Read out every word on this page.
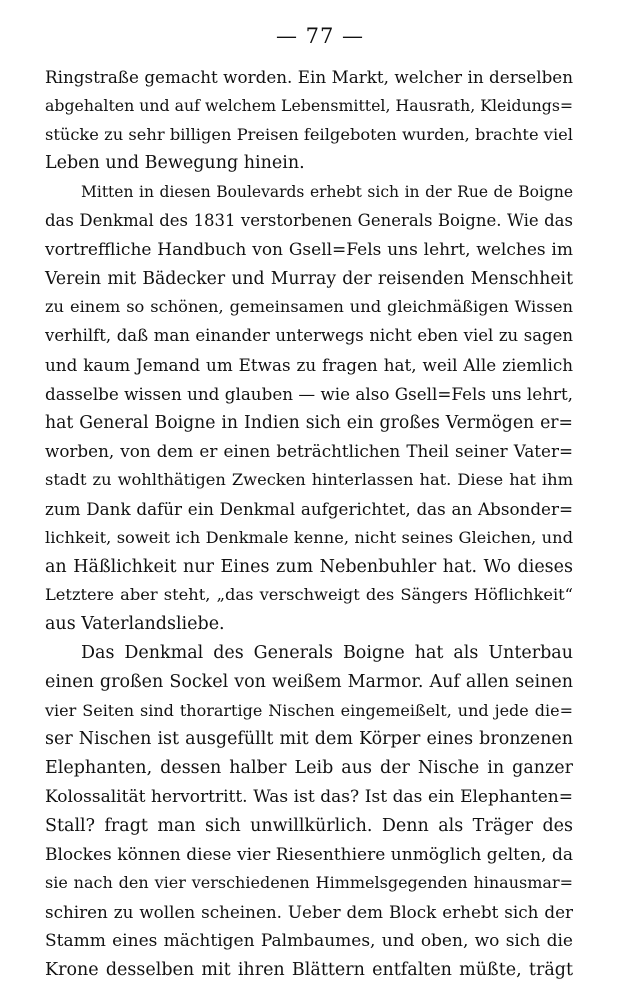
— 77 —
Ringstraße gemacht worden. Ein Markt, welcher in derselben
abgehalten und auf welchem Lebensmittel, Hausrath, Kleidungs=
stücke zu sehr billigen Preisen feilgeboten wurden, brachte viel
Leben und Bewegung hinein.
Mitten in diesen Boulevards erhebt sich in der Rue de Boigne
das Denkmal des 1831 verstorbenen Generals Boigne. Wie das
vortreffliche Handbuch von Gsell=Fels uns lehrt, welches im
Verein mit Bädecker und Murray der reisenden Menschheit
zu einem so schönen, gemeinsamen und gleichmäßigen Wissen
verhilft, daß man einander unterwegs nicht eben viel zu sagen
und kaum Jemand um Etwas zu fragen hat, weil Alle ziemlich
dasselbe wissen und glauben — wie also Gsell=Fels uns lehrt,
hat General Boigne in Indien sich ein großes Vermögen er=
worben, von dem er einen beträchtlichen Theil seiner Vater=
stadt zu wohlthätigen Zwecken hinterlassen hat. Diese hat ihm
zum Dank dafür ein Denkmal aufgerichtet, das an Absonder=
lichkeit, soweit ich Denkmale kenne, nicht seines Gleichen, und
an Häßlichkeit nur Eines zum Nebenbuhler hat. Wo dieses
Letztere aber steht, „das verschweigt des Sängers Höflichkeit“
aus Vaterlandsliebe.
Das Denkmal des Generals Boigne hat als Unterbau
einen großen Sockel von weißem Marmor. Auf allen seinen
vier Seiten sind thorartige Nischen eingemeißelt, und jede die=
ser Nischen ist ausgefüllt mit dem Körper eines bronzenen
Elephanten, dessen halber Leib aus der Nische in ganzer
Kolossalität hervortritt. Was ist das? Ist das ein Elephanten=
Stall? fragt man sich unwillkürlich. Denn als Träger des
Blockes können diese vier Riesenthiere unmöglich gelten, da
sie nach den vier verschiedenen Himmelsgegenden hinausmar=
schiren zu wollen scheinen. Ueber dem Block erhebt sich der
Stamm eines mächtigen Palmbaumes, und oben, wo sich die
Krone desselben mit ihren Blättern entfalten müßte, trägt
